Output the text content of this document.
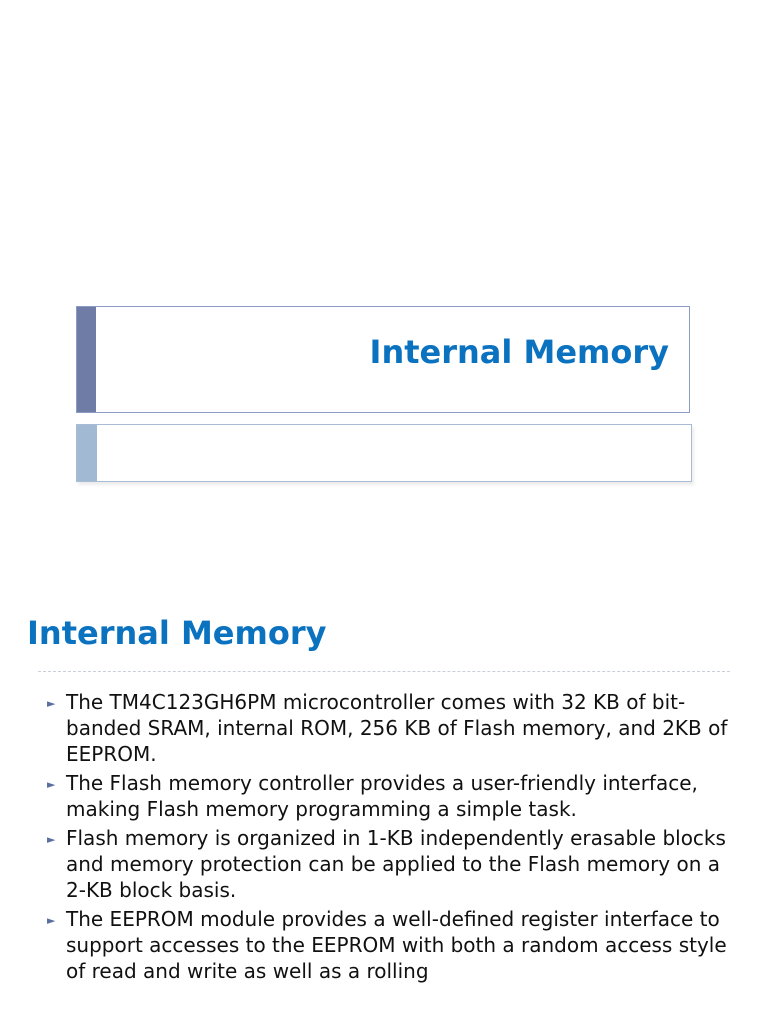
Internal Memory
Internal Memory
► The TM4C123GH6PM microcontroller comes with 32 KB of bit-banded SRAM, internal ROM, 256 KB of Flash memory, and 2KB of EEPROM.
► The Flash memory controller provides a user-friendly interface, making Flash memory programming a simple task.
► Flash memory is organized in 1-KB independently erasable blocks and memory protection can be applied to the Flash memory on a 2-KB block basis.
► The EEPROM module provides a well-defined register interface to support accesses to the EEPROM with both a random access style of read and write as well as a rolling
